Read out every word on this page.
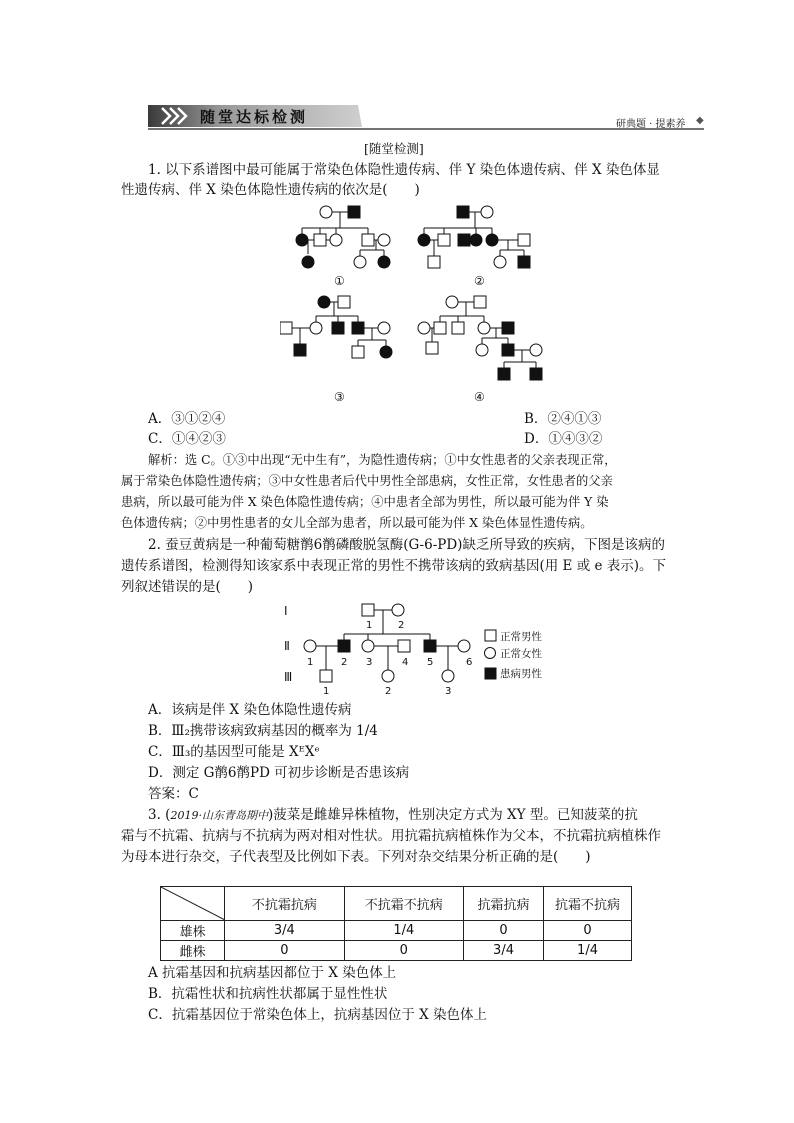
随堂达标检测	研典题 · 提素养 ◆
[随堂检测]
1. 以下系谱图中最可能属于常染色体隐性遗传病、伴 Y 染色体遗传病、伴 X 染色体显
性遗传病、伴 X 染色体隐性遗传病的依次是(　　)
①	②
③	④
A．③①②④	B．②④①③
C．①④②③	D．①④③②
解析：选 C。①③中出现“无中生有”，为隐性遗传病；①中女性患者的父亲表现正常，
属于常染色体隐性遗传病；③中女性患者后代中男性全部患病，女性正常，女性患者的父亲
患病，所以最可能为伴 X 染色体隐性遗传病；④中患者全部为男性，所以最可能为伴 Y 染
色体遗传病；②中男性患者的女儿全部为患者，所以最可能为伴 X 染色体显性遗传病。
2. 蚕豆黄病是一种葡萄糖鹡6鹡磷酸脱氢酶(G-6-PD)缺乏所导致的疾病，下图是该病的
遗传系谱图，检测得知该家系中表现正常的男性不携带该病的致病基因(用 E 或 e 表示)。下
列叙述错误的是(　　)
Ⅰ
Ⅱ
Ⅲ
1	2
1	2 3	4 5	6
1	2	3
正常男性
正常女性
患病男性
A．该病是伴 X 染色体隐性遗传病
B．Ⅲ₂携带该病致病基因的概率为 1/4
C．Ⅲ₃的基因型可能是 XᴱXᵉ
D．测定 G鹡6鹡PD 可初步诊断是否患该病
答案：C
3. (2019·山东青岛期中)菠菜是雌雄异株植物，性别决定方式为 XY 型。已知菠菜的抗
霜与不抗霜、抗病与不抗病为两对相对性状。用抗霜抗病植株作为父本，不抗霜抗病植株作
为母本进行杂交，子代表型及比例如下表。下列对杂交结果分析正确的是(　　)
	不抗霜抗病	不抗霜不抗病	抗霜抗病	抗霜不抗病
雄株	3/4	1/4	0	0
雌株	0	0	3/4	1/4
A 抗霜基因和抗病基因都位于 X 染色体上
B．抗霜性状和抗病性状都属于显性性状
C．抗霜基因位于常染色体上，抗病基因位于 X 染色体上
